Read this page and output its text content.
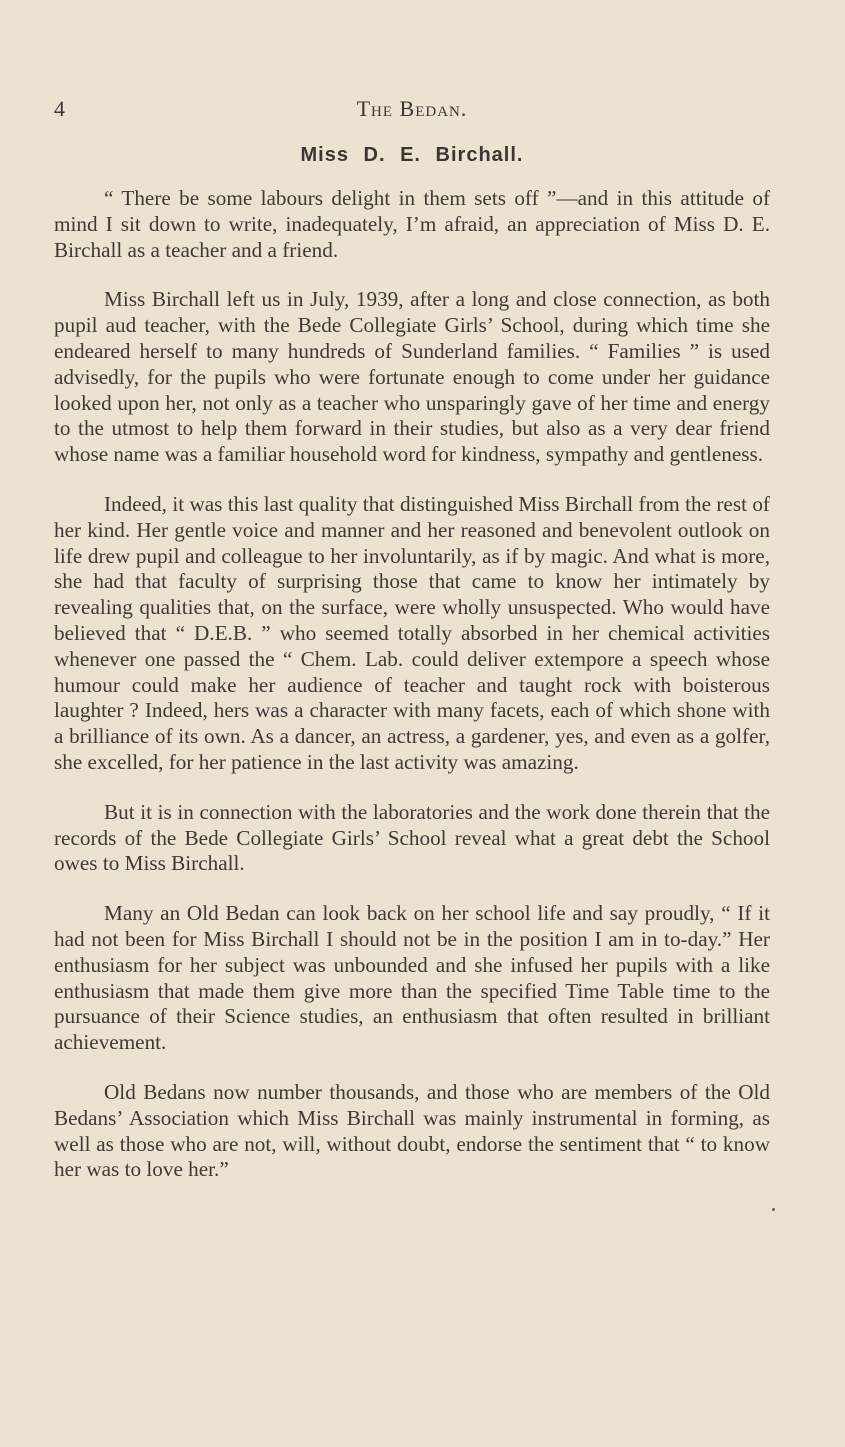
4	The Bedan.
Miss D. E. Birchall.

“ There be some labours delight in them sets off ”—and in this attitude of mind I sit down to write, inadequately, I’m afraid, an appreciation of Miss D. E. Birchall as a teacher and a friend.

Miss Birchall left us in July, 1939, after a long and close connection, as both pupil aud teacher, with the Bede Collegiate Girls’ School, during which time she endeared herself to many hundreds of Sunderland families. “ Families ” is used advisedly, for the pupils who were fortunate enough to come under her guidance looked upon her, not only as a teacher who unsparingly gave of her time and energy to the utmost to help them forward in their studies, but also as a very dear friend whose name was a familiar household word for kindness, sympathy and gentleness.

Indeed, it was this last quality that distinguished Miss Birchall from the rest of her kind. Her gentle voice and manner and her reasoned and benevolent outlook on life drew pupil and colleague to her involuntarily, as if by magic. And what is more, she had that faculty of surprising those that came to know her intimately by revealing qualities that, on the surface, were wholly unsuspected. Who would have believed that “ D.E.B. ” who seemed totally absorbed in her chemical activities whenever one passed the “ Chem. Lab. could deliver extempore a speech whose humour could make her audience of teacher and taught rock with boisterous laughter ? Indeed, hers was a character with many facets, each of which shone with a brilliance of its own. As a dancer, an actress, a gardener, yes, and even as a golfer, she excelled, for her patience in the last activity was amazing.

But it is in connection with the laboratories and the work done therein that the records of the Bede Collegiate Girls’ School reveal what a great debt the School owes to Miss Birchall.

Many an Old Bedan can look back on her school life and say proudly, “ If it had not been for Miss Birchall I should not be in the position I am in to-day.” Her enthusiasm for her subject was unbounded and she infused her pupils with a like enthusiasm that made them give more than the specified Time Table time to the pursuance of their Science studies, an enthusiasm that often resulted in brilliant achievement.

Old Bedans now number thousands, and those who are members of the Old Bedans’ Association which Miss Birchall was mainly instrumental in forming, as well as those who are not, will, without doubt, endorse the sentiment that “ to know her was to love her.”
